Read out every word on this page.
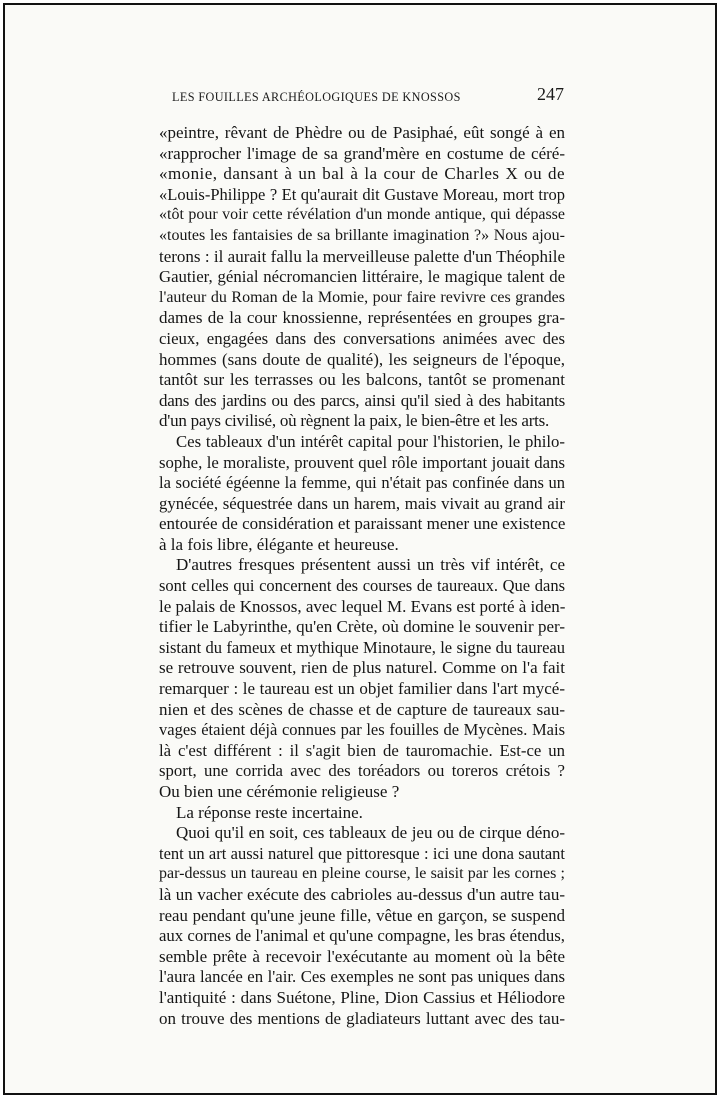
LES FOUILLES ARCHÉOLOGIQUES DE KNOSSOS	247
«peintre, rêvant de Phèdre ou de Pasiphaé, eût songé à en
«rapprocher l'image de sa grand'mère en costume de céré-
«monie, dansant à un bal à la cour de Charles X ou de
«Louis-Philippe ? Et qu'aurait dit Gustave Moreau, mort trop
«tôt pour voir cette révélation d'un monde antique, qui dépasse
«toutes les fantaisies de sa brillante imagination ?» Nous ajou-
terons : il aurait fallu la merveilleuse palette d'un Théophile
Gautier, génial nécromancien littéraire, le magique talent de
l'auteur du Roman de la Momie, pour faire revivre ces grandes
dames de la cour knossienne, représentées en groupes gra-
cieux, engagées dans des conversations animées avec des
hommes (sans doute de qualité), les seigneurs de l'époque,
tantôt sur les terrasses ou les balcons, tantôt se promenant
dans des jardins ou des parcs, ainsi qu'il sied à des habitants
d'un pays civilisé, où règnent la paix, le bien-être et les arts.
Ces tableaux d'un intérêt capital pour l'historien, le philo-
sophe, le moraliste, prouvent quel rôle important jouait dans
la société égéenne la femme, qui n'était pas confinée dans un
gynécée, séquestrée dans un harem, mais vivait au grand air
entourée de considération et paraissant mener une existence
à la fois libre, élégante et heureuse.
D'autres fresques présentent aussi un très vif intérêt, ce
sont celles qui concernent des courses de taureaux. Que dans
le palais de Knossos, avec lequel M. Evans est porté à iden-
tifier le Labyrinthe, qu'en Crète, où domine le souvenir per-
sistant du fameux et mythique Minotaure, le signe du taureau
se retrouve souvent, rien de plus naturel. Comme on l'a fait
remarquer : le taureau est un objet familier dans l'art mycé-
nien et des scènes de chasse et de capture de taureaux sau-
vages étaient déjà connues par les fouilles de Mycènes. Mais
là c'est différent : il s'agit bien de tauromachie. Est-ce un
sport, une corrida avec des toréadors ou toreros crétois ?
Ou bien une cérémonie religieuse ?
La réponse reste incertaine.
Quoi qu'il en soit, ces tableaux de jeu ou de cirque déno-
tent un art aussi naturel que pittoresque : ici une dona sautant
par-dessus un taureau en pleine course, le saisit par les cornes ;
là un vacher exécute des cabrioles au-dessus d'un autre tau-
reau pendant qu'une jeune fille, vêtue en garçon, se suspend
aux cornes de l'animal et qu'une compagne, les bras étendus,
semble prête à recevoir l'exécutante au moment où la bête
l'aura lancée en l'air. Ces exemples ne sont pas uniques dans
l'antiquité : dans Suétone, Pline, Dion Cassius et Héliodore
on trouve des mentions de gladiateurs luttant avec des tau-
